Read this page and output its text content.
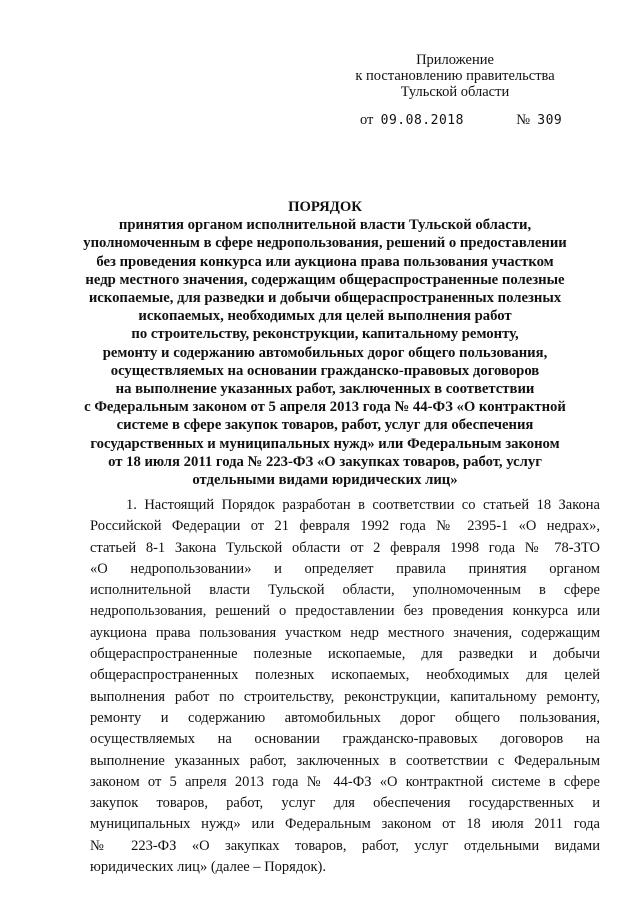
Приложение
к постановлению правительства
Тульской области
от 09.08.2018	№ 309
ПОРЯДОК
принятия органом исполнительной власти Тульской области,
уполномоченным в сфере недропользования, решений о предоставлении
без проведения конкурса или аукциона права пользования участком
недр местного значения, содержащим общераспространенные полезные
ископаемые, для разведки и добычи общераспространенных полезных
ископаемых, необходимых для целей выполнения работ
по строительству, реконструкции, капитальному ремонту,
ремонту и содержанию автомобильных дорог общего пользования,
осуществляемых на основании гражданско-правовых договоров
на выполнение указанных работ, заключенных в соответствии
с Федеральным законом от 5 апреля 2013 года № 44-ФЗ «О контрактной
системе в сфере закупок товаров, работ, услуг для обеспечения
государственных и муниципальных нужд» или Федеральным законом
от 18 июля 2011 года № 223-ФЗ «О закупках товаров, работ, услуг
отдельными видами юридических лиц»
1. Настоящий Порядок разработан в соответствии со статьей 18 Закона
Российской Федерации от 21 февраля 1992 года № 2395-1 «О недрах»,
статьей 8-1 Закона Тульской области от 2 февраля 1998 года № 78-ЗТО
«О недропользовании» и определяет правила принятия органом
исполнительной власти Тульской области, уполномоченным в сфере
недропользования, решений о предоставлении без проведения конкурса или
аукциона права пользования участком недр местного значения, содержащим
общераспространенные полезные ископаемые, для разведки и добычи
общераспространенных полезных ископаемых, необходимых для целей
выполнения работ по строительству, реконструкции, капитальному ремонту,
ремонту и содержанию автомобильных дорог общего пользования,
осуществляемых на основании гражданско-правовых договоров на
выполнение указанных работ, заключенных в соответствии с Федеральным
законом от 5 апреля 2013 года № 44-ФЗ «О контрактной системе в сфере
закупок товаров, работ, услуг для обеспечения государственных и
муниципальных нужд» или Федеральным законом от 18 июля 2011 года
№ 223-ФЗ «О закупках товаров, работ, услуг отдельными видами
юридических лиц» (далее – Порядок).
